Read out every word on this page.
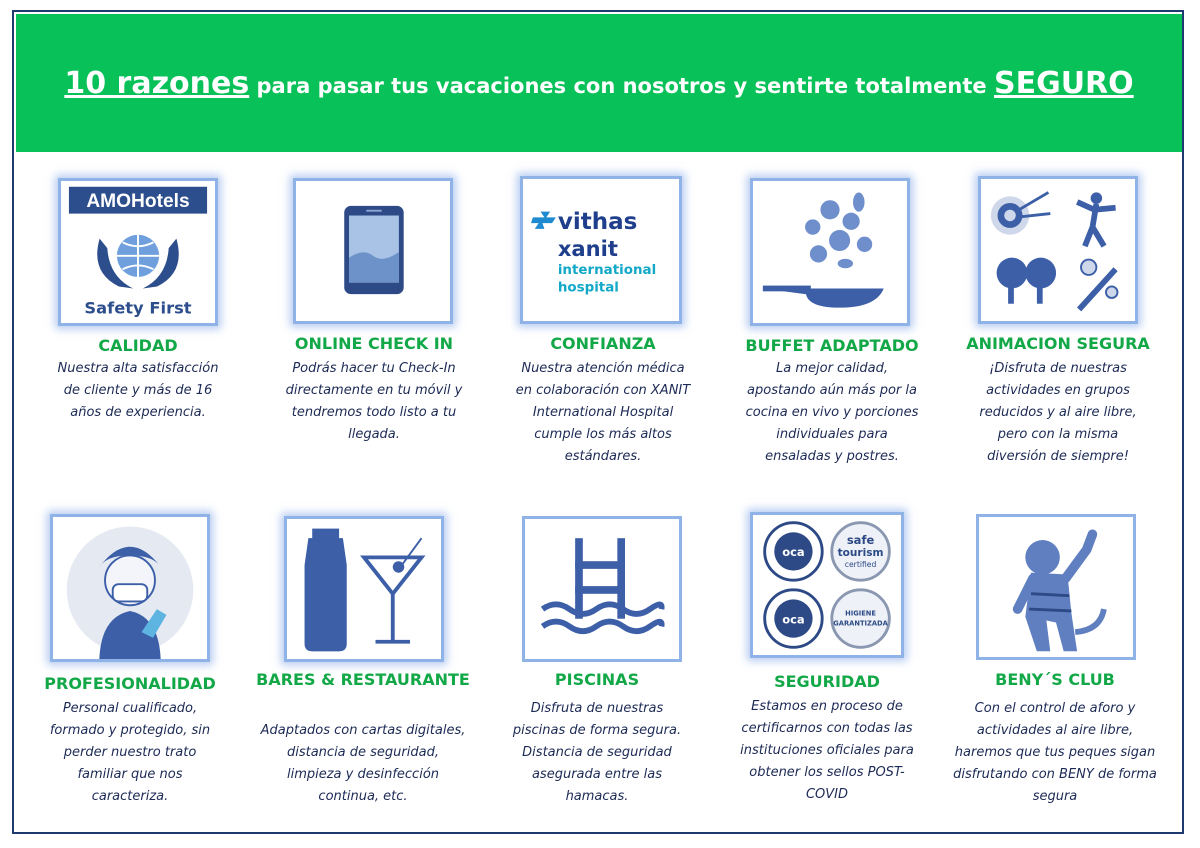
10 razones para pasar tus vacaciones con nosotros y sentirte totalmente SEGURO
AMOHotels
Safety First
vithas
xanit
international
hospital
CALIDAD
Nuestra alta satisfacción de cliente y más de 16 años de experiencia.
ONLINE CHECK IN
Podrás hacer tu Check-In directamente en tu móvil y tendremos todo listo a tu llegada.
CONFIANZA
Nuestra atención médica en colaboración con XANIT International Hospital cumple los más altos estándares.
BUFFET ADAPTADO
La mejor calidad, apostando aún más por la cocina en vivo y porciones individuales para ensaladas y postres.
ANIMACION SEGURA
¡Disfruta de nuestras actividades en grupos reducidos y al aire libre, pero con la misma diversión de siempre!
oca
safe
tourism
certified
oca	HIGIENE
GARANTIZADA
PROFESIONALIDAD
Personal cualificado, formado y protegido, sin perder nuestro trato familiar que nos caracteriza.
BARES & RESTAURANTE
Adaptados con cartas digitales, distancia de seguridad, limpieza y desinfección continua, etc.
PISCINAS
Disfruta de nuestras piscinas de forma segura. Distancia de seguridad asegurada entre las hamacas.
SEGURIDAD
Estamos en proceso de certificarnos con todas las instituciones oficiales para obtener los sellos POST-COVID
BENY´S CLUB
Con el control de aforo y actividades al aire libre, haremos que tus peques sigan disfrutando con BENY de forma segura
